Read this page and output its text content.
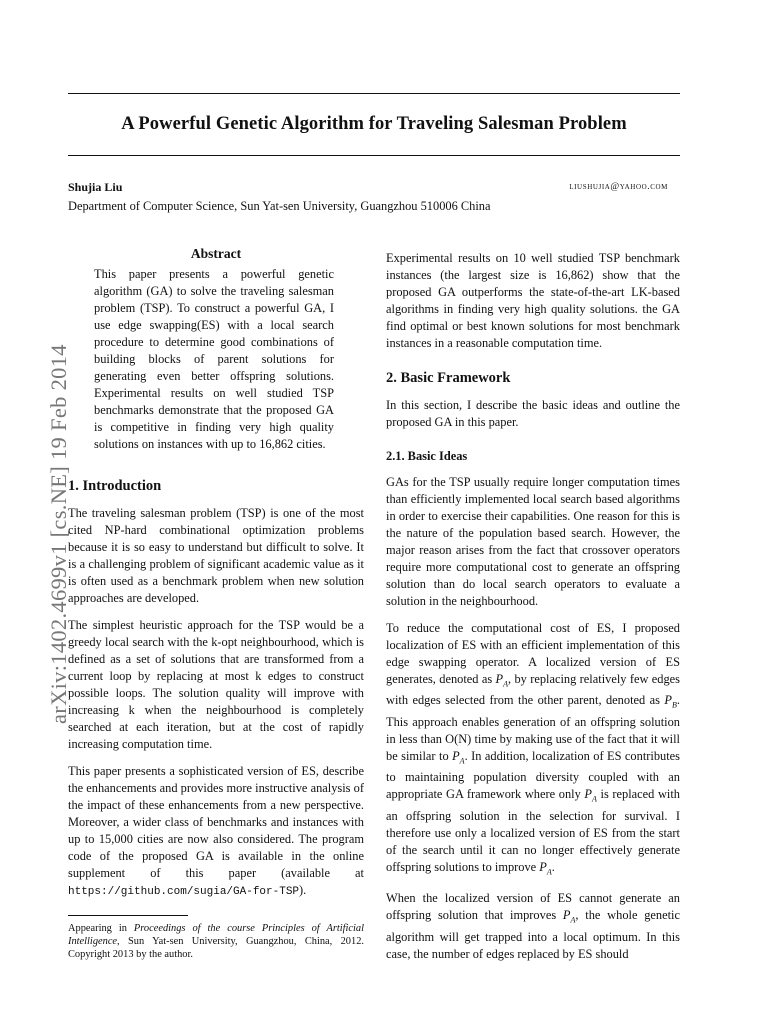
arXiv:1402.4699v1 [cs.NE] 19 Feb 2014
A Powerful Genetic Algorithm for Traveling Salesman Problem
Shujia Liu	liushujia@yahoo.com
Department of Computer Science, Sun Yat-sen University, Guangzhou 510006 China
Abstract
This paper presents a powerful genetic algorithm (GA) to solve the traveling salesman problem (TSP). To construct a powerful GA, I use edge swapping(ES) with a local search procedure to determine good combinations of building blocks of parent solutions for generating even better offspring solutions. Experimental results on well studied TSP benchmarks demonstrate that the proposed GA is competitive in finding very high quality solutions on instances with up to 16,862 cities.
1. Introduction

The traveling salesman problem (TSP) is one of the most cited NP-hard combinational optimization problems because it is so easy to understand but difficult to solve. It is a challenging problem of significant academic value as it is often used as a benchmark problem when new solution approaches are developed.

The simplest heuristic approach for the TSP would be a greedy local search with the k-opt neighbourhood, which is defined as a set of solutions that are transformed from a current loop by replacing at most k edges to construct possible loops. The solution quality will improve with increasing k when the neighbourhood is completely searched at each iteration, but at the cost of rapidly increasing computation time.

This paper presents a sophisticated version of ES, describe the enhancements and provides more instructive analysis of the impact of these enhancements from a new perspective. Moreover, a wider class of benchmarks and instances with up to 15,000 cities are now also considered. The program code of the proposed GA is available in the online supplement of this paper (available at https://github.com/sugia/GA-for-TSP).

Appearing in Proceedings of the course Principles of Artificial Intelligence, Sun Yat-sen University, Guangzhou, China, 2012. Copyright 2013 by the author.

Experimental results on 10 well studied TSP benchmark instances (the largest size is 16,862) show that the proposed GA outperforms the state-of-the-art LK-based algorithms in finding very high quality solutions. the GA find optimal or best known solutions for most benchmark instances in a reasonable computation time.

2. Basic Framework

In this section, I describe the basic ideas and outline the proposed GA in this paper.

2.1. Basic Ideas

GAs for the TSP usually require longer computation times than efficiently implemented local search based algorithms in order to exercise their capabilities. One reason for this is the nature of the population based search. However, the major reason arises from the fact that crossover operators require more computational cost to generate an offspring solution than do local search operators to evaluate a solution in the neighbourhood.

To reduce the computational cost of ES, I proposed localization of ES with an efficient implementation of this edge swapping operator. A localized version of ES generates, denoted as $P_A$, by replacing relatively few edges with edges selected from the other parent, denoted as $P_B$. This approach enables generation of an offspring solution in less than O(N) time by making use of the fact that it will be similar to $P_A$. In addition, localization of ES contributes to maintaining population diversity coupled with an appropriate GA framework where only $P_A$ is replaced with an offspring solution in the selection for survival. I therefore use only a localized version of ES from the start of the search until it can no longer effectively generate offspring solutions to improve $P_A$.

When the localized version of ES cannot generate an offspring solution that improves $P_A$, the whole genetic algorithm will get trapped into a local optimum. In this case, the number of edges replaced by ES should
